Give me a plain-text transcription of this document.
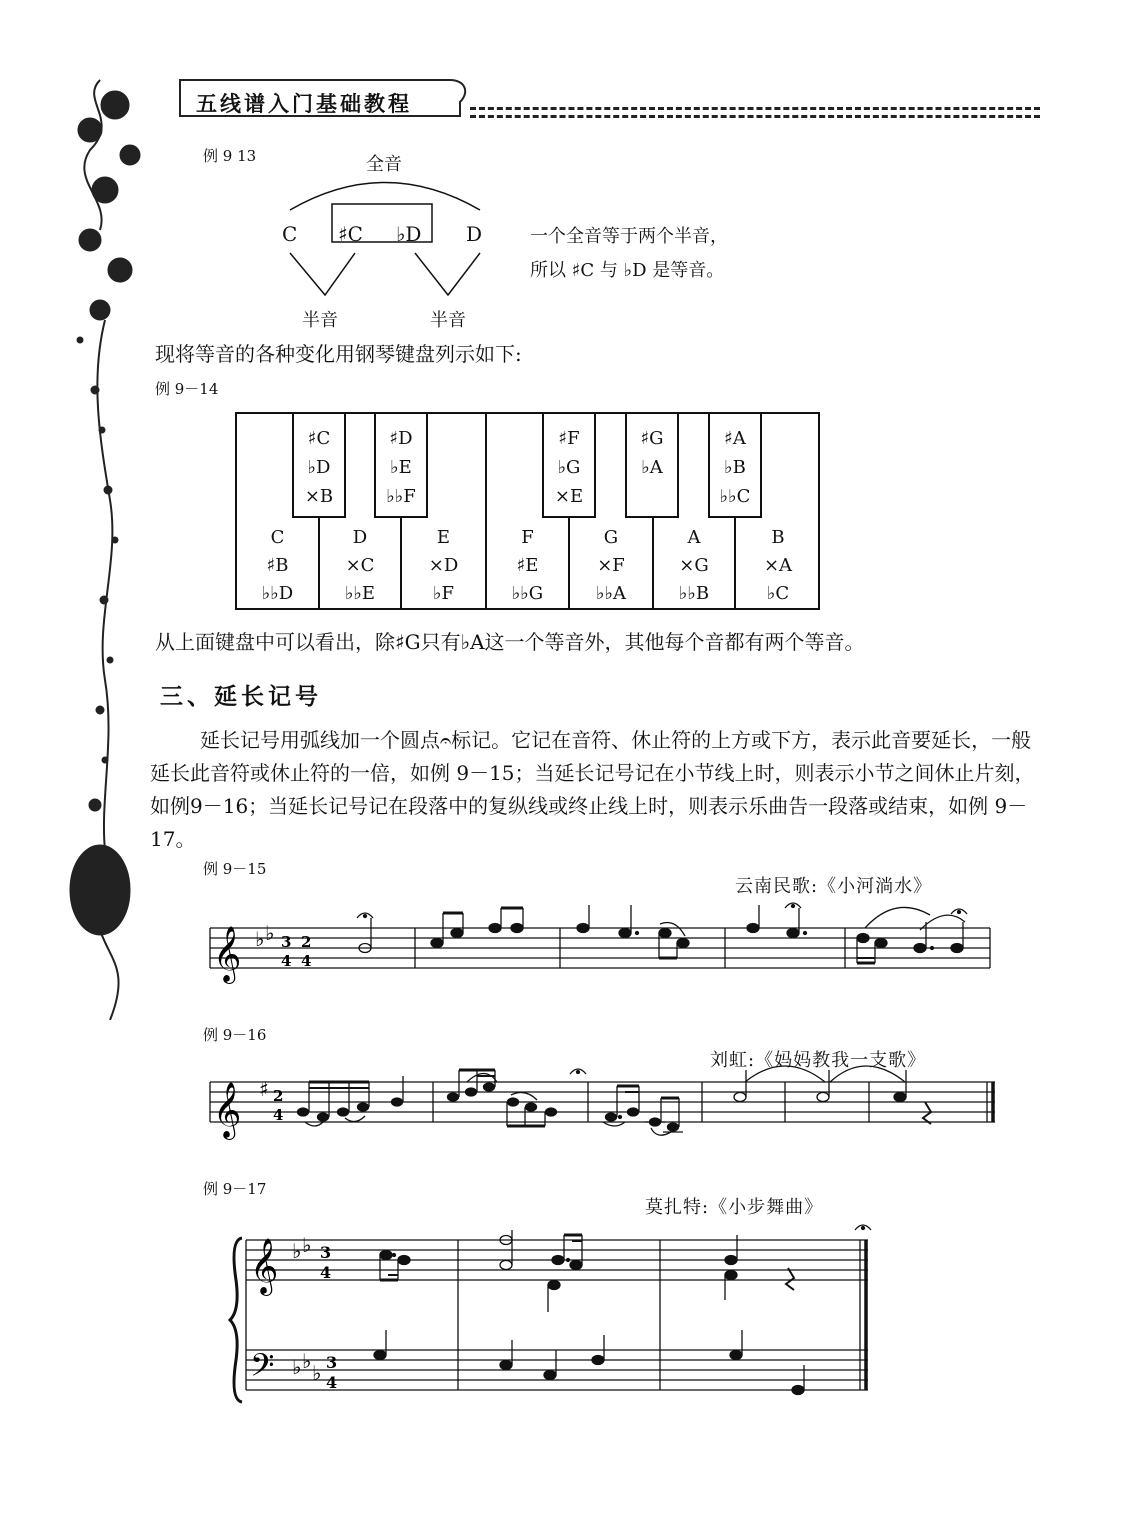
五线谱入门基础教程
例 9 13	全音
C ♯C ♭D D
半音	半音
一个全音等于两个半音，
所以 ♯C 与 ♭D 是等音。
现将等音的各种变化用钢琴键盘列示如下:
例 9－14
♯C
♭D
×B
♯D
♭E
♭♭F
♯F
♭G
×E
♯G
♭A
♯A
♭B
♭♭C
C
♯B
♭♭D
D
×C
♭♭E
E
×D
♭F
F
♯E
♭♭G
G
×F
♭♭A
A
×G
♭♭B
B
×A
♭C
从上面键盘中可以看出，除♯G只有♭A这一个等音外，其他每个音都有两个等音。
三、延长记号
延长记号用弧线加一个圆点𝄐标记。它记在音符、休止符的上方或下方，表示此音要延长，一般延长此音符或休止符的一倍，如例 9－15；当延长记号记在小节线上时，则表示小节之间休止片刻，如例9－16；当延长记号记在段落中的复纵线或终止线上时，则表示乐曲告一段落或结束，如例 9－17。
例 9－15
云南民歌:《小河淌水》
𝄞 ♭ ♭ 3
4
2
4
例 9－16
刘虹:《妈妈教我一支歌》
𝄞 ♯ 2
4
例 9－17
莫扎特:《小步舞曲》
𝄞
𝄢
♭ ♭
♭ ♭ ♭
3
4
3
4
